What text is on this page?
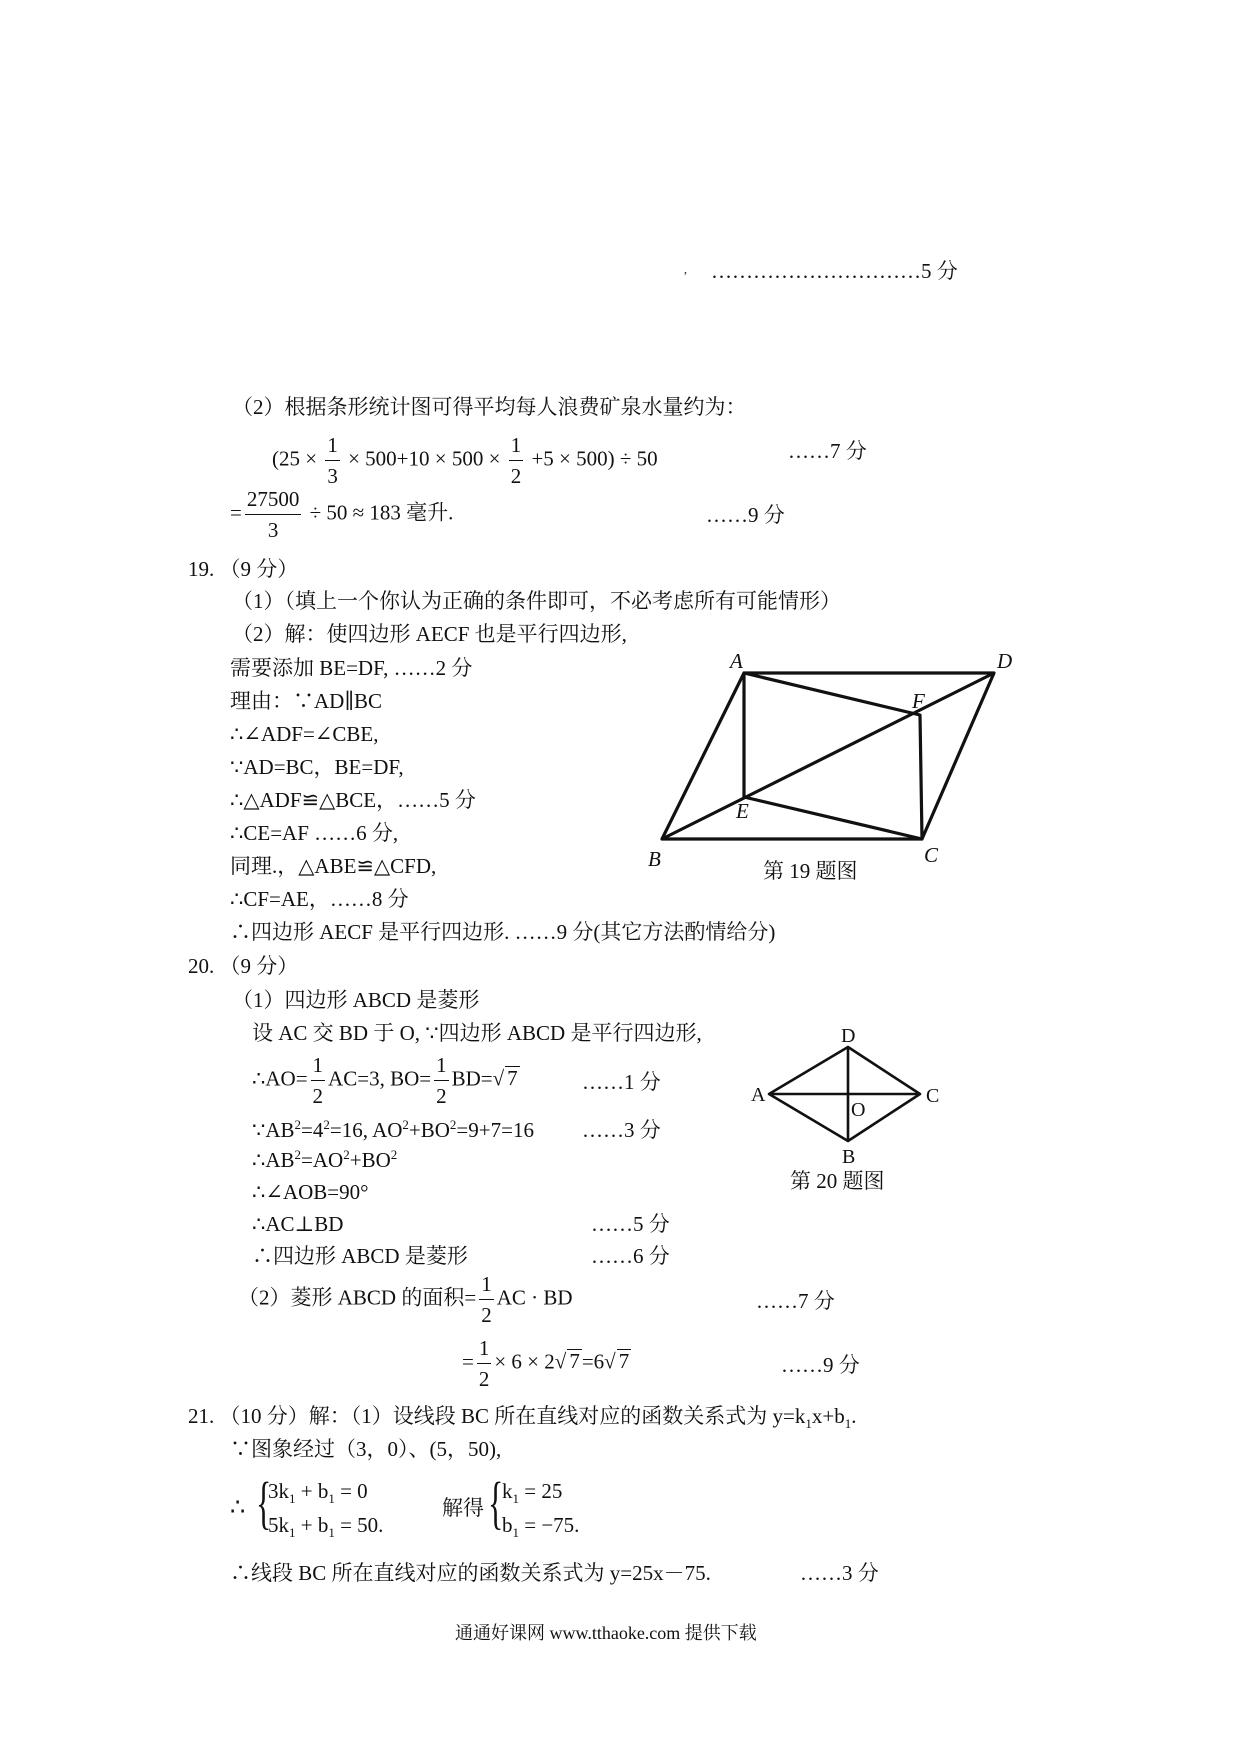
, …………………………5 分
（2）根据条形统计图可得平均每人浪费矿泉水量约为：
$(25 \times \frac{1}{3} \times 500+10 \times 500 \times \frac{1}{2} +5 \times 500) \div 50$	……7 分
= $\frac{27500}{3} \div 50 \approx 183$ 毫升.	……9 分
19. （9 分）
（1）（填上一个你认为正确的条件即可，不必考虑所有可能情形）
（2）解：使四边形 AECF 也是平行四边形,
需要添加 BE=DF, ……2 分
理由：∵AD∥BC
∴∠ADF=∠CBE,
∵AD=BC，BE=DF,
∴△ADF≌△BCE，……5 分
∴CE=AF ……6 分,
同理.，△ABE≌△CFD,
∴CF=AE，……8 分
∴四边形 AECF 是平行四边形. ……9 分(其它方法酌情给分)
A	D
F
E
B	C
第 19 题图
20. （9 分）
（1）四边形 ABCD 是菱形
设 AC 交 BD 于 O, ∵四边形 ABCD 是平行四边形,
∴AO= $\frac{1}{2} AC=3$, $BO= \frac{1}{2} BD=√$ 7	……1 分
$\because AB^2=4^2=16$, $AO^2+BO^2=9+7=16$ ……3 分
$\therefore AB^2=AO^2+BO^2$
∴∠AOB=90°
∴AC⊥BD	……5 分
∴四边形 ABCD 是菱形	……6 分
（2）菱形 ABCD 的面积= $\frac{1}{2}$ AC · BD	……7 分
= $\frac{1}{2} \times 6 \times 2√$ 7=6√ 7	……9 分
D
A	C
O
B
第 20 题图
21. （10 分）解：（1）设线段 BC 所在直线对应的函数关系式为 $y=k_1x+b_1$.
∵图象经过（3，0）、(5，50),
∴ {
$3k_1 + b_1 = 0$
$5k_1 + b_1 = 50$.
解得 {
$k_1 = 25$
$b_1 = -75$.
∴线段 BC 所在直线对应的函数关系式为 y=25x－75.	……3 分
通通好课网 www.tthaoke.com 提供下载
